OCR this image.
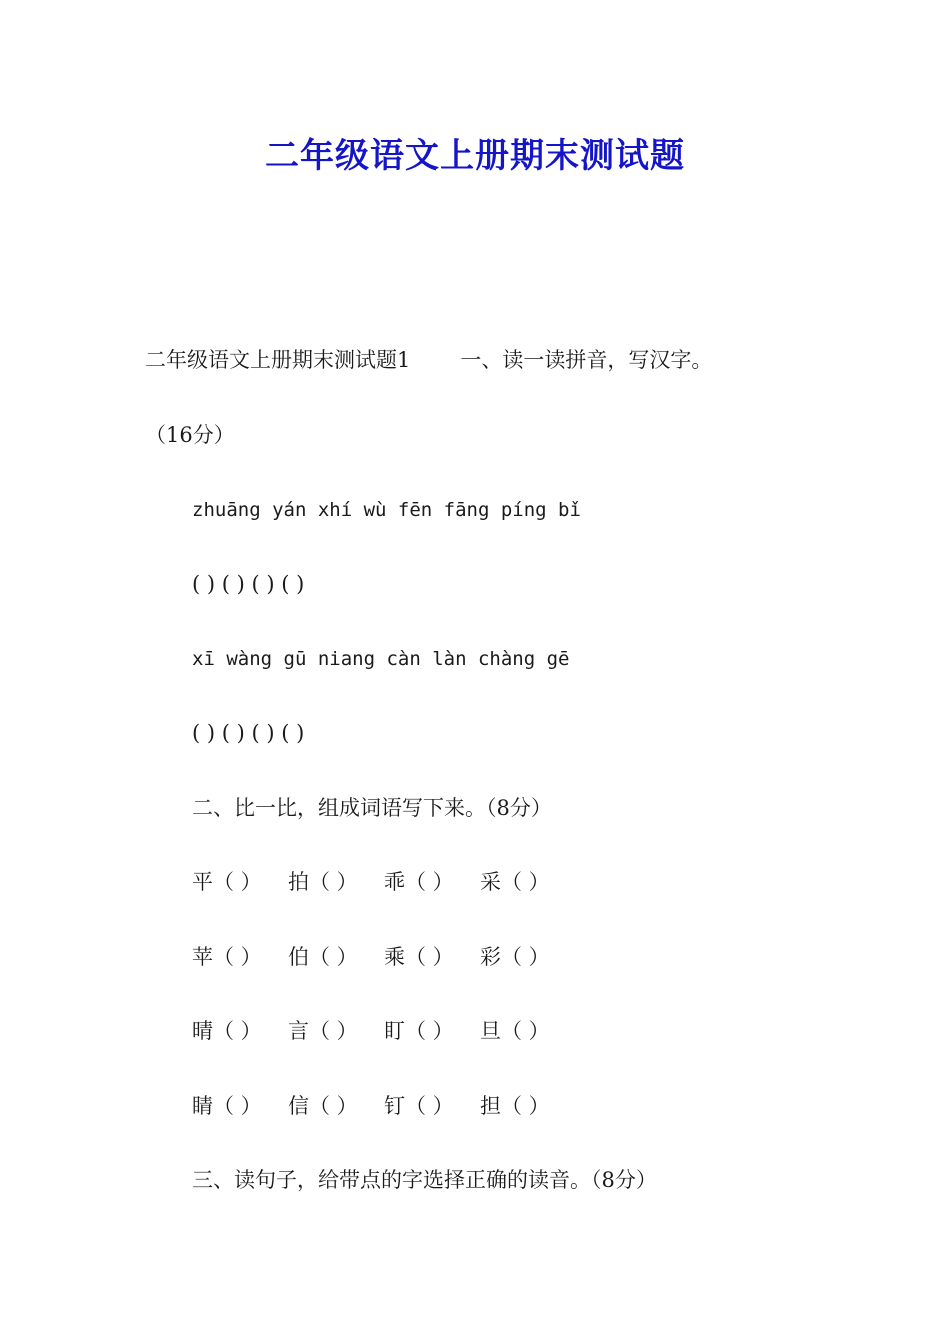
二年级语文上册期末测试题
二年级语文上册期末测试题1 一、读一读拼音，写汉字。
（16分）
zhuāng yán xhí wù fēn fāng píng bǐ
( ) ( ) ( ) ( )
xī wàng gū niang càn làn chàng gē
( ) ( ) ( ) ( )
二、比一比，组成词语写下来。（8分）
平（ ） 拍（ ） 乖（ ） 采（ ）
苹（ ） 伯（ ） 乘（ ） 彩（ ）
晴（ ） 言（ ） 盯（ ） 旦（ ）
睛（ ） 信（ ） 钉（ ） 担（ ）
三、读句子，给带点的字选择正确的读音。（8分）
